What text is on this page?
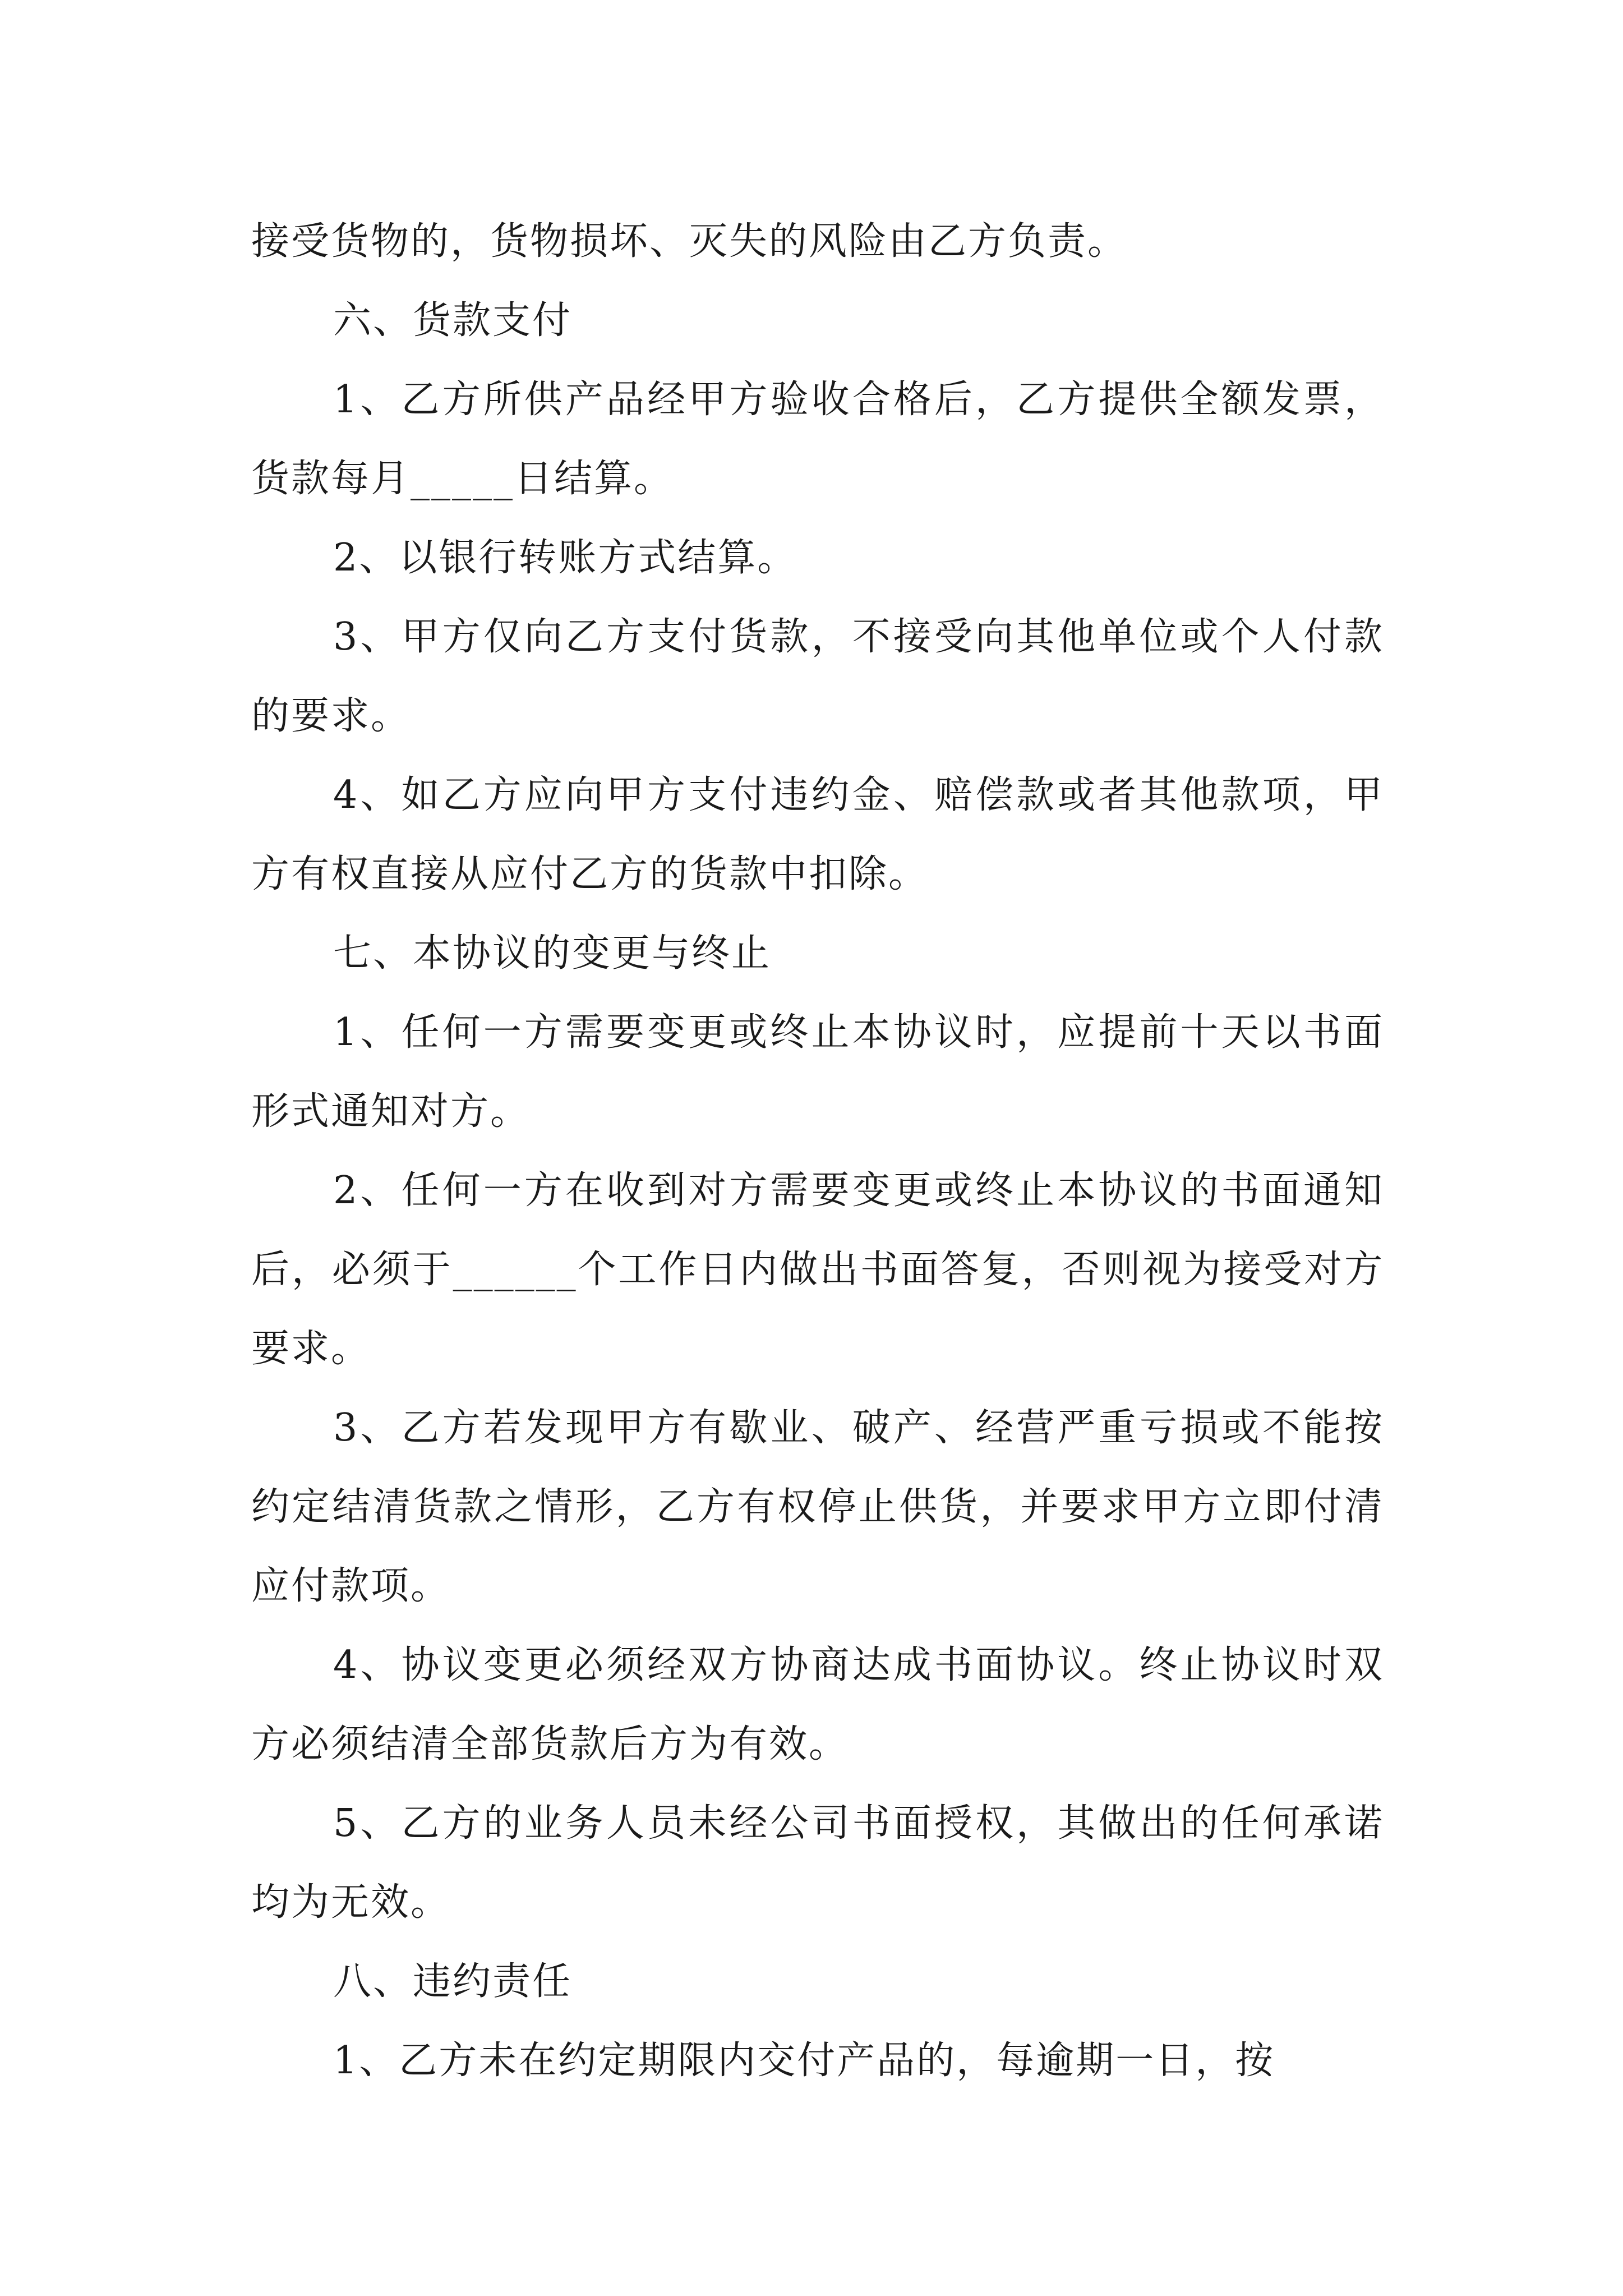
接受货物的，货物损坏、灭失的风险由乙方负责。

六、货款支付

1、乙方所供产品经甲方验收合格后，乙方提供全额发票，货款每月_____日结算。

2、以银行转账方式结算。

3、甲方仅向乙方支付货款，不接受向其他单位或个人付款的要求。

4、如乙方应向甲方支付违约金、赔偿款或者其他款项，甲方有权直接从应付乙方的货款中扣除。

七、本协议的变更与终止

1、任何一方需要变更或终止本协议时，应提前十天以书面形式通知对方。

2、任何一方在收到对方需要变更或终止本协议的书面通知后，必须于______个工作日内做出书面答复，否则视为接受对方要求。

3、乙方若发现甲方有歇业、破产、经营严重亏损或不能按约定结清货款之情形，乙方有权停止供货，并要求甲方立即付清应付款项。

4、协议变更必须经双方协商达成书面协议。终止协议时双方必须结清全部货款后方为有效。

5、乙方的业务人员未经公司书面授权，其做出的任何承诺均为无效。

八、违约责任

1、乙方未在约定期限内交付产品的，每逾期一日，按
